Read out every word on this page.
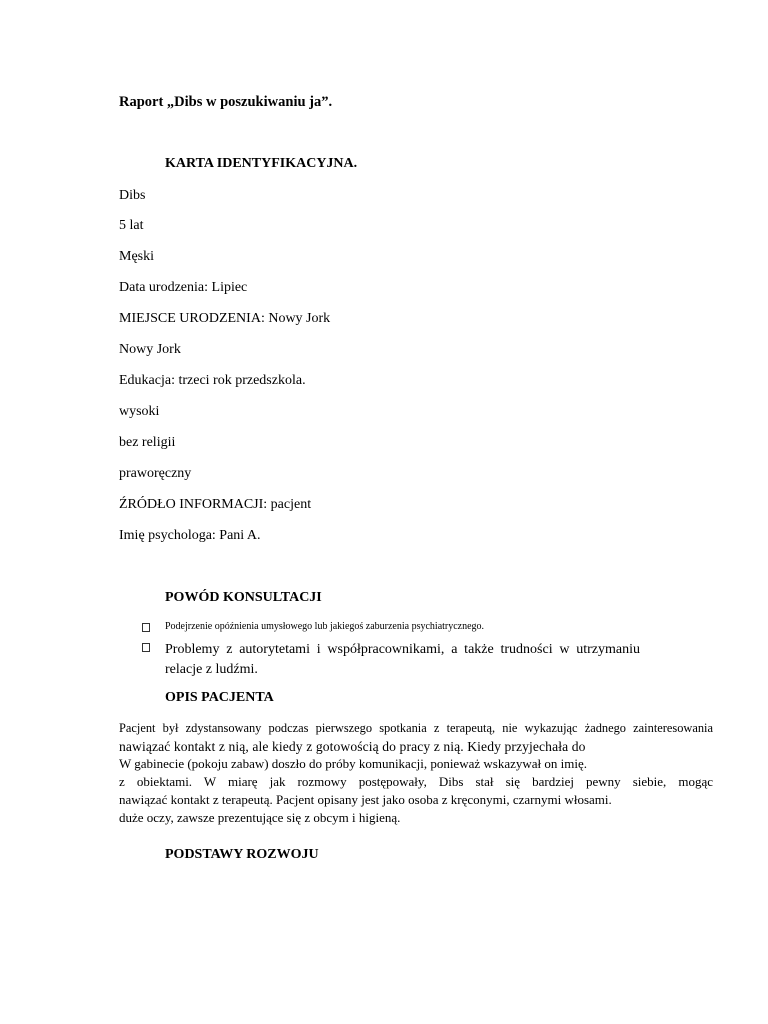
Raport „Dibs w poszukiwaniu ja”.
KARTA IDENTYFIKACYJNA.
Dibs
5 lat
Męski
Data urodzenia: Lipiec
MIEJSCE URODZENIA: Nowy Jork
Nowy Jork
Edukacja: trzeci rok przedszkola.
wysoki
bez religii
praworęczny
ŹRÓDŁO INFORMACJI: pacjent
Imię psychologa: Pani A.
POWÓD KONSULTACJI
Podejrzenie opóźnienia umysłowego lub jakiegoś zaburzenia psychiatrycznego.
Problemy z autorytetami i współpracownikami, a także trudności w utrzymaniu relacje z ludźmi.
OPIS PACJENTA
Pacjent był zdystansowany podczas pierwszego spotkania z terapeutą, nie wykazując żadnego zainteresowania
nawiązać kontakt z nią, ale kiedy z gotowością do pracy z nią. Kiedy przyjechała do
W gabinecie (pokoju zabaw) doszło do próby komunikacji, ponieważ wskazywał on imię.
z obiektami. W miarę jak rozmowy postępowały, Dibs stał się bardziej pewny siebie, mogąc
nawiązać kontakt z terapeutą. Pacjent opisany jest jako osoba z kręconymi, czarnymi włosami.
duże oczy, zawsze prezentujące się z obcym i higieną.
PODSTAWY ROZWOJU
